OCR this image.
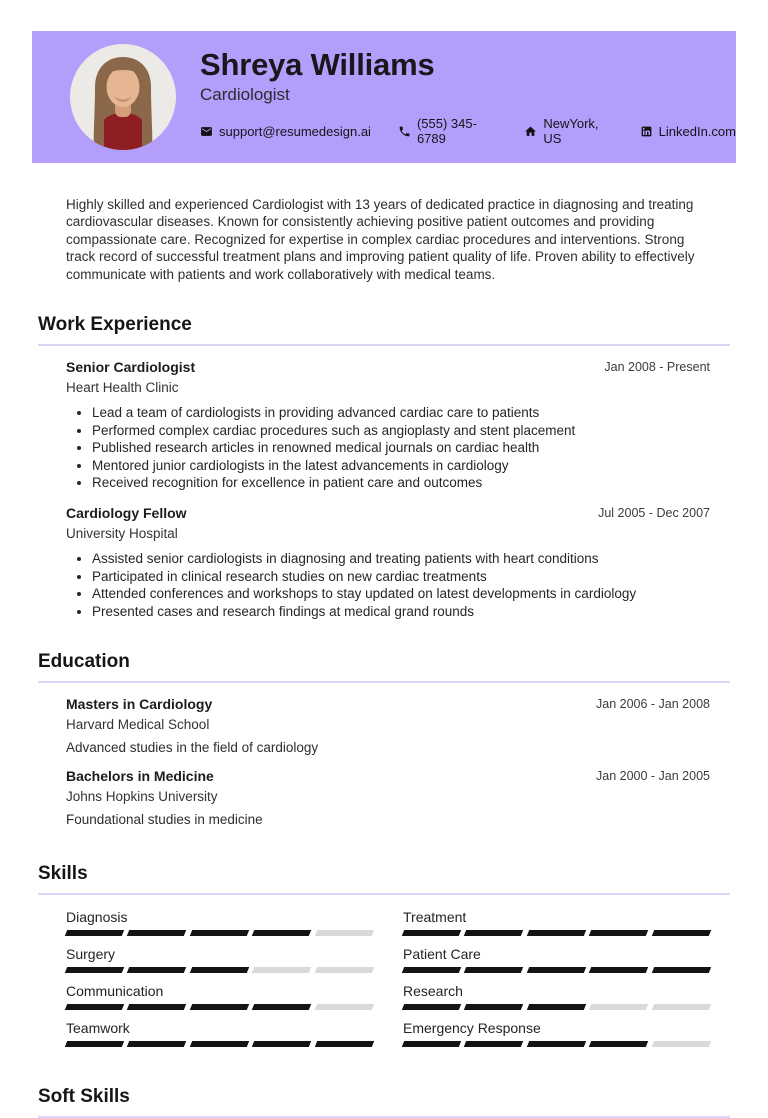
Shreya Williams
Cardiologist
support@resumedesign.ai	(555) 345-6789
NewYork, US	LinkedIn.com

Highly skilled and experienced Cardiologist with 13 years of dedicated practice in diagnosing and treating cardiovascular diseases. Known for consistently achieving positive patient outcomes and providing compassionate care. Recognized for expertise in complex cardiac procedures and interventions. Strong track record of successful treatment plans and improving patient quality of life. Proven ability to effectively communicate with patients and work collaboratively with medical teams.

Work Experience
Senior Cardiologist
Heart Health Clinic
Jan 2008 - Present
• Lead a team of cardiologists in providing advanced cardiac care to patients
• Performed complex cardiac procedures such as angioplasty and stent placement
• Published research articles in renowned medical journals on cardiac health
• Mentored junior cardiologists in the latest advancements in cardiology
• Received recognition for excellence in patient care and outcomes
Cardiology Fellow
University Hospital
Jul 2005 - Dec 2007
• Assisted senior cardiologists in diagnosing and treating patients with heart conditions
• Participated in clinical research studies on new cardiac treatments
• Attended conferences and workshops to stay updated on latest developments in cardiology
• Presented cases and research findings at medical grand rounds
Education
Masters in Cardiology
Harvard Medical School
Jan 2006 - Jan 2008
Advanced studies in the field of cardiology
Bachelors in Medicine
Johns Hopkins University
Jan 2000 - Jan 2005
Foundational studies in medicine
Skills
Diagnosis
Surgery
Communication
Teamwork
Treatment
Patient Care
Research
Emergency Response
Soft Skills
